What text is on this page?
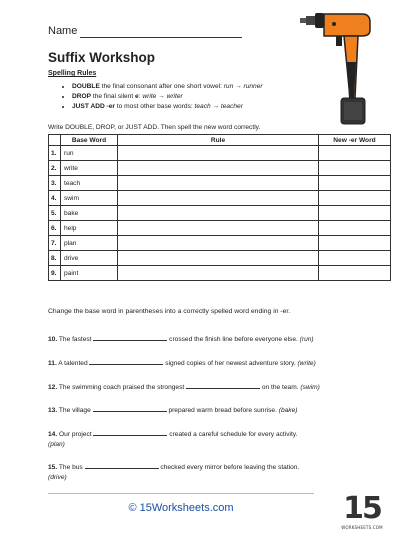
Name
Suffix Workshop
Spelling Rules
• DOUBLE the final consonant after one short vowel: run → runner
• DROP the final silent e: write → writer
• JUST ADD -er to most other base words: teach → teacher
Write DOUBLE, DROP, or JUST ADD. Then spell the new word correctly.
	Base Word	Rule	New -er Word
1.	run		
2.	write		
3.	teach		
4.	swim		
5.	bake		
6.	help		
7.	plan		
8.	drive		
9.	paint		
Change the base word in parentheses into a correctly spelled word ending in -er.
10. The fastest	crossed the finish line before everyone else. (run)
11. A talented	signed copies of her newest adventure story. (write)
12. The swimming coach praised the strongest	on the team. (swim)
13. The village	prepared warm bread before sunrise. (bake)
14. Our project	created a careful schedule for every activity.
(plan)
15. The bus	checked every mirror before leaving the station.
(drive)
© 15Worksheets.com	15
WORKSHEETS.COM
